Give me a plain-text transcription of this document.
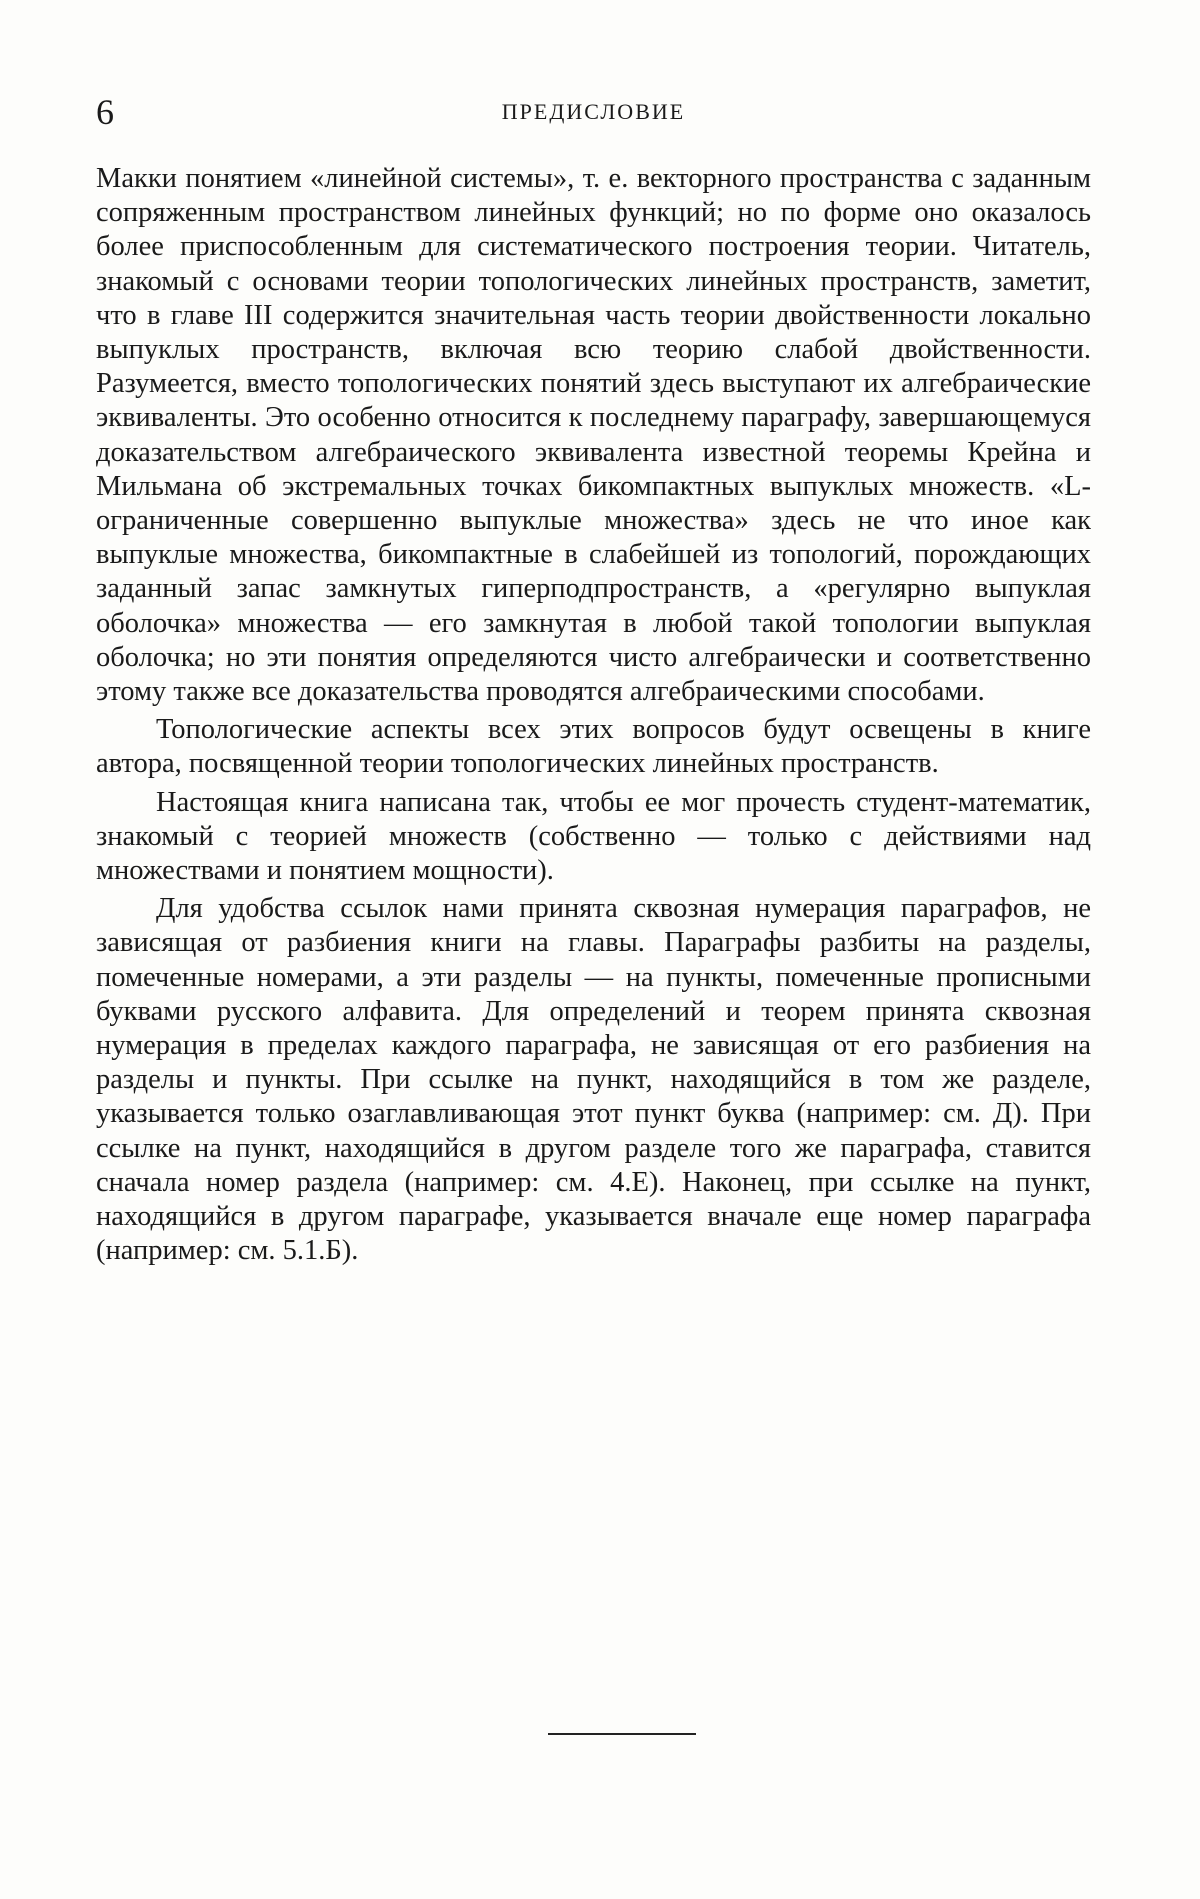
6	ПРЕДИСЛОВИЕ

Макки понятием «линейной системы», т. е. векторного пространства с заданным сопряженным пространством линейных функций; но по форме оно оказалось более приспособленным для систематического построения теории. Читатель, знакомый с основами теории топологических линейных пространств, заметит, что в главе III содержится значительная часть теории двойственности локально выпуклых пространств, включая всю теорию слабой двойственности. Разумеется, вместо топологических понятий здесь выступают их алгебраические эквиваленты. Это особенно относится к последнему параграфу, завершающемуся доказательством алгебраического эквивалента известной теоремы Крейна и Мильмана об экстремальных точках бикомпактных выпуклых множеств. «L-ограниченные совершенно выпуклые множества» здесь не что иное как выпуклые множества, бикомпактные в слабейшей из топологий, порождающих заданный запас замкнутых гиперподпространств, а «регулярно выпуклая оболочка» множества — его замкнутая в любой такой топологии выпуклая оболочка; но эти понятия определяются чисто алгебраически и соответственно этому также все доказательства проводятся алгебраическими способами.

Топологические аспекты всех этих вопросов будут освещены в книге автора, посвященной теории топологических линейных пространств.

Настоящая книга написана так, чтобы ее мог прочесть студент-математик, знакомый с теорией множеств (собственно — только с действиями над множествами и понятием мощности).

Для удобства ссылок нами принята сквозная нумерация параграфов, не зависящая от разбиения книги на главы. Параграфы разбиты на разделы, помеченные номерами, а эти разделы — на пункты, помеченные прописными буквами русского алфавита. Для определений и теорем принята сквозная нумерация в пределах каждого параграфа, не зависящая от его разбиения на разделы и пункты. При ссылке на пункт, находящийся в том же разделе, указывается только озаглавливающая этот пункт буква (например: см. Д). При ссылке на пункт, находящийся в другом разделе того же параграфа, ставится сначала номер раздела (например: см. 4.Е). Наконец, при ссылке на пункт, находящийся в другом параграфе, указывается вначале еще номер параграфа (например: см. 5.1.Б).
